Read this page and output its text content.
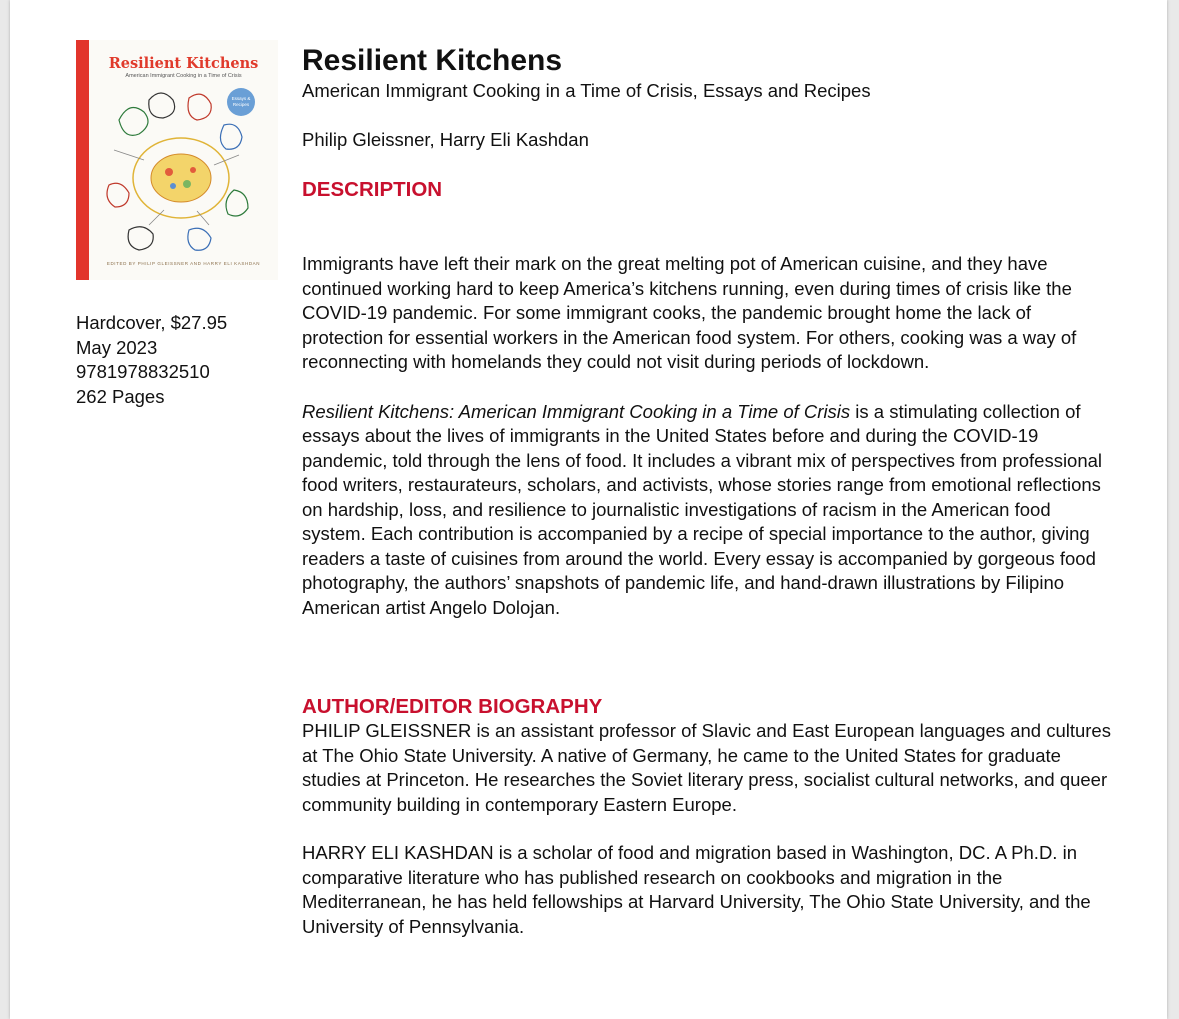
Resilient Kitchens
American Immigrant Cooking in a Time of Crisis
Essays & Recipes
EDITED BY PHILIP GLEISSNER AND HARRY ELI KASHDAN
Hardcover, $27.95
May 2023
9781978832510
262 Pages
Resilient Kitchens
American Immigrant Cooking in a Time of Crisis, Essays and Recipes
Philip Gleissner, Harry Eli Kashdan
DESCRIPTION
Immigrants have left their mark on the great melting pot of American cuisine, and they have continued working hard to keep America’s kitchens running, even during times of crisis like the COVID-19 pandemic. For some immigrant cooks, the pandemic brought home the lack of protection for essential workers in the American food system. For others, cooking was a way of reconnecting with homelands they could not visit during periods of lockdown.
Resilient Kitchens: American Immigrant Cooking in a Time of Crisis is a stimulating collection of essays about the lives of immigrants in the United States before and during the COVID-19 pandemic, told through the lens of food. It includes a vibrant mix of perspectives from professional food writers, restaurateurs, scholars, and activists, whose stories range from emotional reflections on hardship, loss, and resilience to journalistic investigations of racism in the American food system. Each contribution is accompanied by a recipe of special importance to the author, giving readers a taste of cuisines from around the world. Every essay is accompanied by gorgeous food photography, the authors’ snapshots of pandemic life, and hand-drawn illustrations by Filipino American artist Angelo Dolojan.
AUTHOR/EDITOR BIOGRAPHY
PHILIP GLEISSNER is an assistant professor of Slavic and East European languages and cultures at The Ohio State University. A native of Germany, he came to the United States for graduate studies at Princeton. He researches the Soviet literary press, socialist cultural networks, and queer community building in contemporary Eastern Europe.
HARRY ELI KASHDAN is a scholar of food and migration based in Washington, DC. A Ph.D. in comparative literature who has published research on cookbooks and migration in the Mediterranean, he has held fellowships at Harvard University, The Ohio State University, and the University of Pennsylvania.
